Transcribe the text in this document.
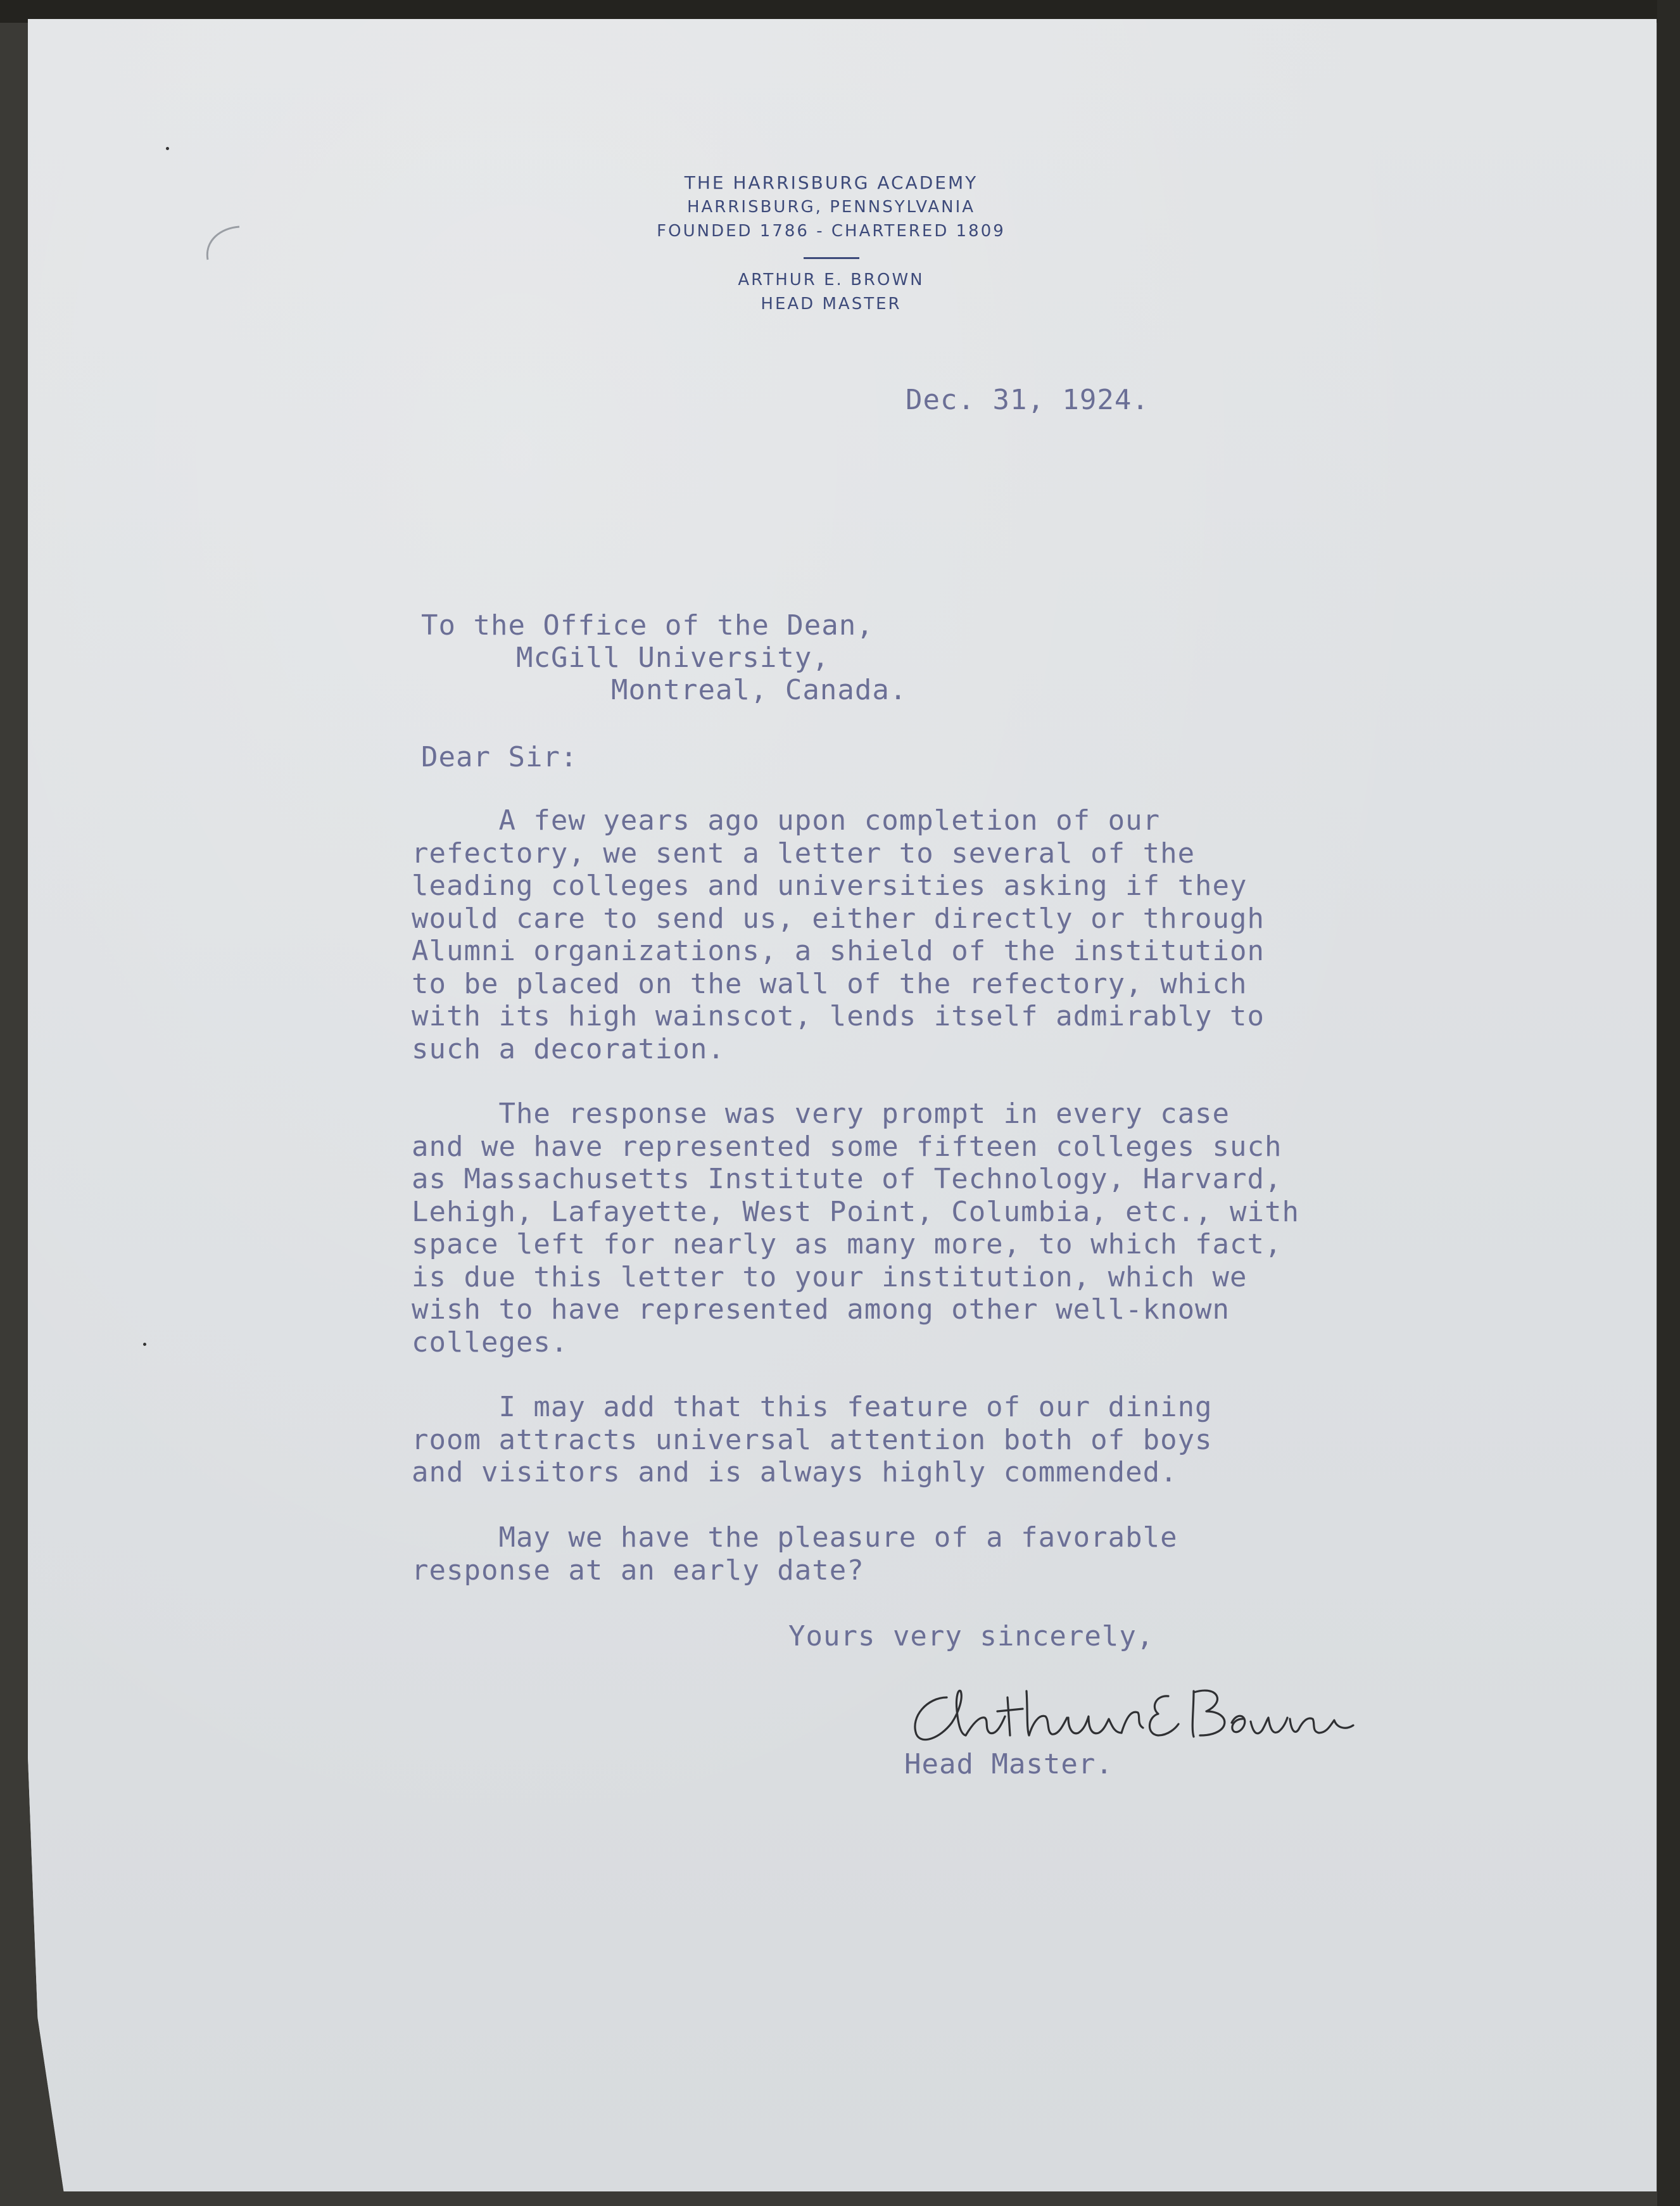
THE HARRISBURG ACADEMY
HARRISBURG, PENNSYLVANIA
FOUNDED 1786 - CHARTERED 1809
ARTHUR E. BROWN
HEAD MASTER
Dec. 31, 1924.
To the Office of the Dean,
McGill University,
Montreal, Canada.
Dear Sir:
A few years ago upon completion of our
refectory, we sent a letter to several of the
leading colleges and universities asking if they
would care to send us, either directly or through
Alumni organizations, a shield of the institution
to be placed on the wall of the refectory, which
with its high wainscot, lends itself admirably to
such a decoration.
The response was very prompt in every case
and we have represented some fifteen colleges such
as Massachusetts Institute of Technology, Harvard,
Lehigh, Lafayette, West Point, Columbia, etc., with
space left for nearly as many more, to which fact,
is due this letter to your institution, which we
wish to have represented among other well-known
colleges.
I may add that this feature of our dining
room attracts universal attention both of boys
and visitors and is always highly commended.
May we have the pleasure of a favorable
response at an early date?
Yours very sincerely,
Head Master.
